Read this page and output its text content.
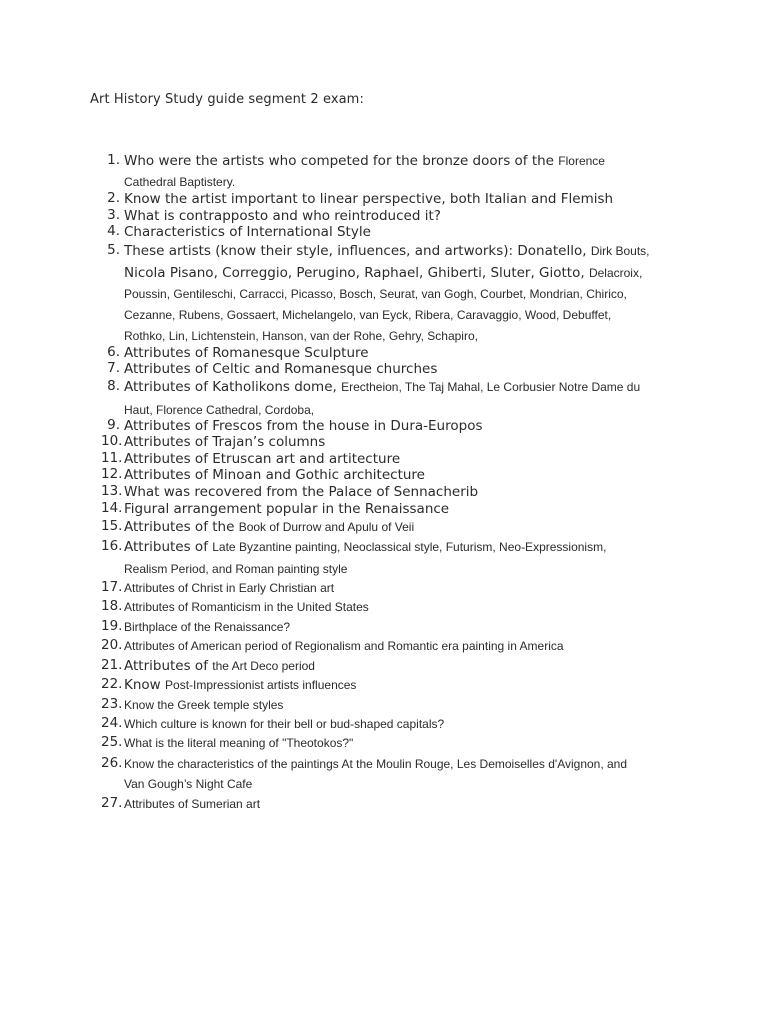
Art History Study guide segment 2 exam:
1. Who were the artists who competed for the bronze doors of the Florence
Cathedral Baptistery.
2. Know the artist important to linear perspective, both Italian and Flemish
3. What is contrapposto and who reintroduced it?
4. Characteristics of International Style
5. These artists (know their style, influences, and artworks): Donatello, Dirk Bouts,
Nicola Pisano, Correggio, Perugino, Raphael, Ghiberti, Sluter, Giotto, Delacroix,
Poussin, Gentileschi, Carracci, Picasso, Bosch, Seurat, van Gogh, Courbet, Mondrian, Chirico,
Cezanne, Rubens, Gossaert, Michelangelo, van Eyck, Ribera, Caravaggio, Wood, Debuffet,
Rothko, Lin, Lichtenstein, Hanson, van der Rohe, Gehry, Schapiro,
6. Attributes of Romanesque Sculpture
7. Attributes of Celtic and Romanesque churches
8. Attributes of Katholikons dome, Erectheion, The Taj Mahal, Le Corbusier Notre Dame du
Haut, Florence Cathedral, Cordoba,
9. Attributes of Frescos from the house in Dura-Europos
10. Attributes of Trajan’s columns
11. Attributes of Etruscan art and artitecture
12. Attributes of Minoan and Gothic architecture
13. What was recovered from the Palace of Sennacherib
14. Figural arrangement popular in the Renaissance
15. Attributes of the Book of Durrow and Apulu of Veii
16. Attributes of Late Byzantine painting, Neoclassical style, Futurism, Neo-Expressionism,
Realism Period, and Roman painting style
17. Attributes of Christ in Early Christian art
18. Attributes of Romanticism in the United States
19. Birthplace of the Renaissance?
20. Attributes of American period of Regionalism and Romantic era painting in America
21. Attributes of the Art Deco period
22. Know Post-Impressionist artists influences
23. Know the Greek temple styles
24. Which culture is known for their bell or bud-shaped capitals?
25. What is the literal meaning of "Theotokos?"
26. Know the characteristics of the paintings At the Moulin Rouge, Les Demoiselles d'Avignon, and
Van Gough’s Night Cafe
27. Attributes of Sumerian art
